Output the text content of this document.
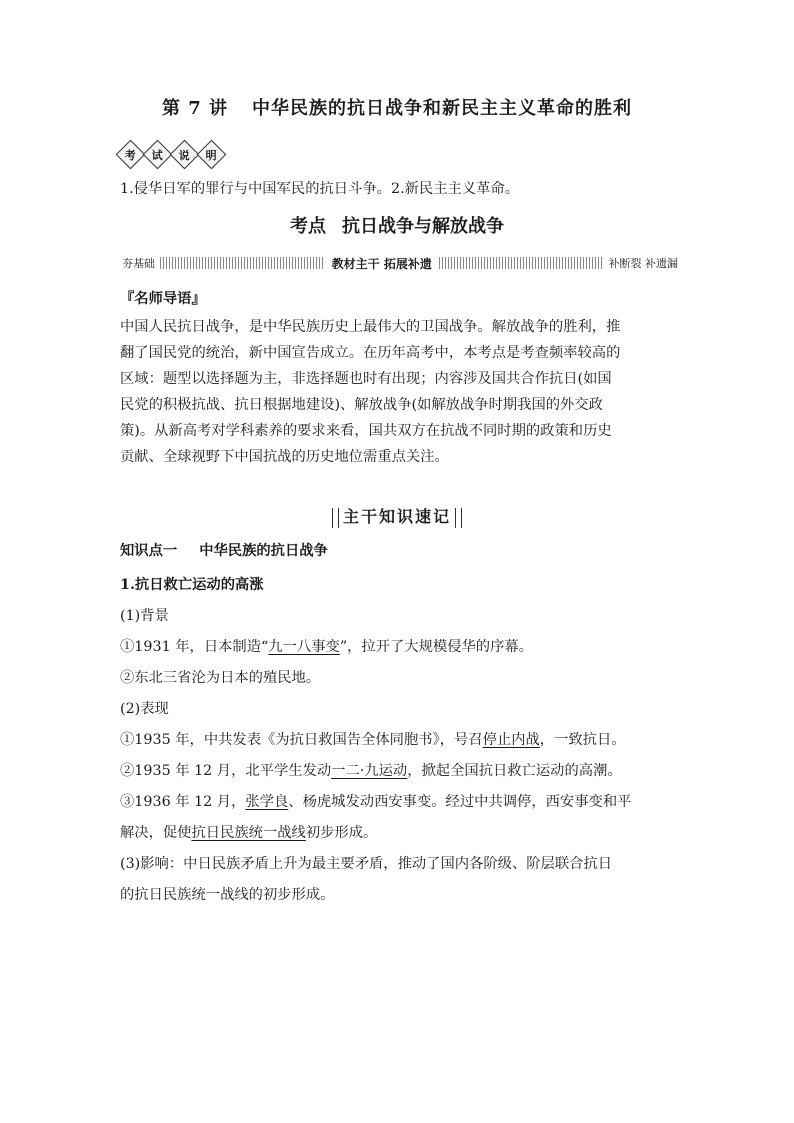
第 7 讲 中华民族的抗日战争和新民主主义革命的胜利
考 试 说 明
1.侵华日军的罪行与中国军民的抗日斗争。2.新民主主义革命。
考点 抗日战争与解放战争
夯基础	教材主干 拓展补遗	补断裂 补遗漏
『名师导语』
中国人民抗日战争，是中华民族历史上最伟大的卫国战争。解放战争的胜利，推
翻了国民党的统治，新中国宣告成立。在历年高考中，本考点是考查频率较高的
区域：题型以选择题为主，非选择题也时有出现；内容涉及国共合作抗日(如国
民党的积极抗战、抗日根据地建设)、解放战争(如解放战争时期我国的外交政
策)。从新高考对学科素养的要求来看，国共双方在抗战不同时期的政策和历史
贡献、全球视野下中国抗战的历史地位需重点关注。
主干知识速记
知识点一 中华民族的抗日战争
1.抗日救亡运动的高涨
(1)背景
①1931 年，日本制造“九一八事变”，拉开了大规模侵华的序幕。
②东北三省沦为日本的殖民地。
(2)表现
①1935 年，中共发表《为抗日救国告全体同胞书》，号召停止内战，一致抗日。
②1935 年 12 月，北平学生发动一二·九运动，掀起全国抗日救亡运动的高潮。
③1936 年 12 月，张学良、杨虎城发动西安事变。经过中共调停，西安事变和平
解决，促使抗日民族统一战线初步形成。
(3)影响：中日民族矛盾上升为最主要矛盾，推动了国内各阶级、阶层联合抗日
的抗日民族统一战线的初步形成。
